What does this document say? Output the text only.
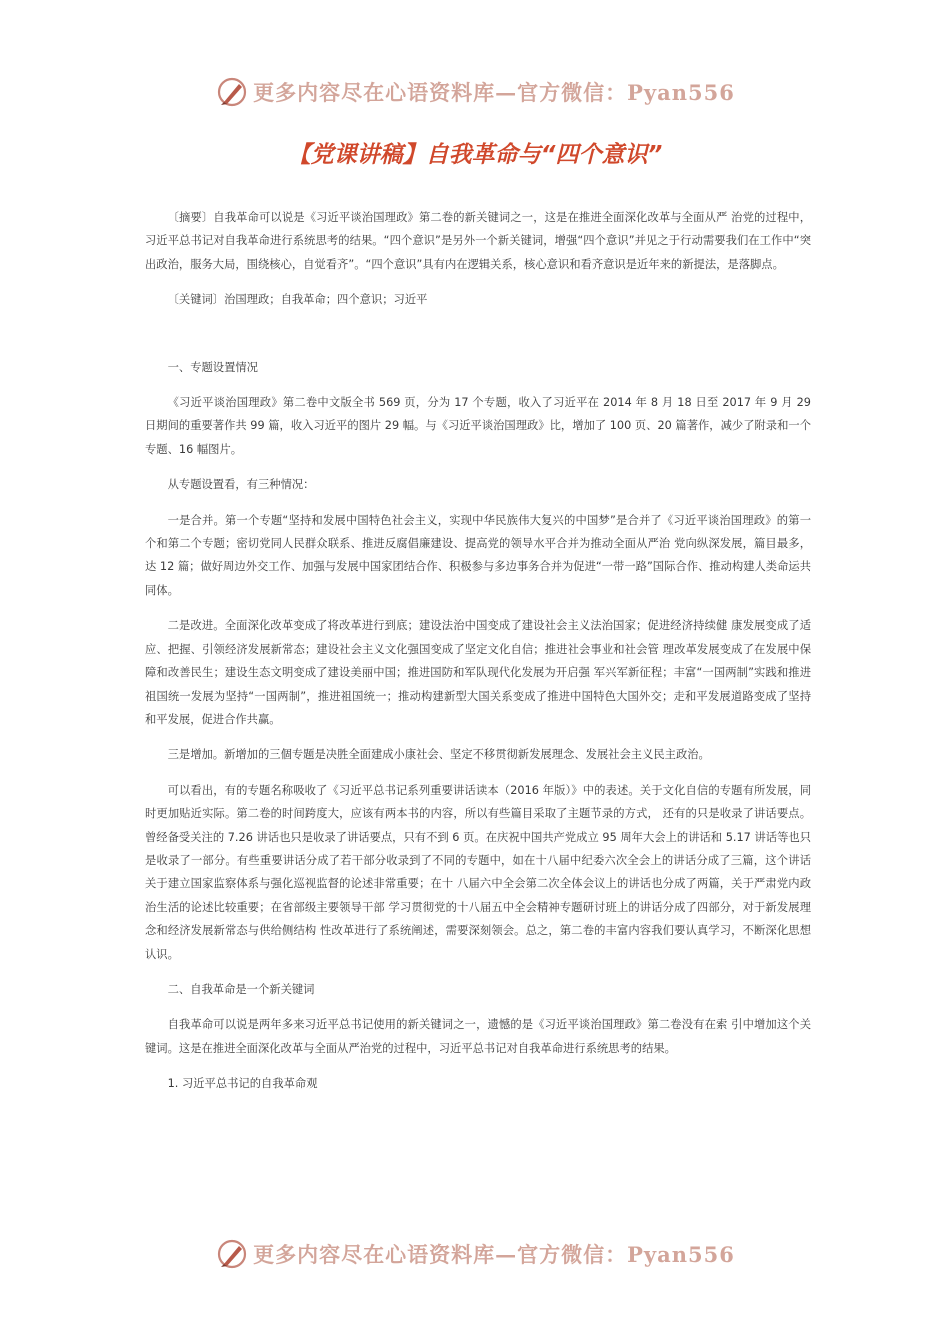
更多内容尽在心语资料库—官方微信：Pyan556
【党课讲稿】自我革命与“四个意识”

〔摘要〕自我革命可以说是《习近平谈治国理政》第二卷的新关键词之一，这是在推进全面深化改革与全面从严 治党的过程中，习近平总书记对自我革命进行系统思考的结果。“四个意识”是另外一个新关键词，增强“四个意识”并见之于行动需要我们在工作中“突出政治，服务大局，围绕核心，自觉看齐”。“四个意识”具有内在逻辑关系，核心意识和看齐意识是近年来的新提法，是落脚点。

〔关键词〕治国理政；自我革命；四个意识；习近平

一、专题设置情况

《习近平谈治国理政》第二卷中文版全书 569 页，分为 17 个专题，收入了习近平在 2014 年 8 月 18 日至 2017 年 9 月 29 日期间的重要著作共 99 篇，收入习近平的图片 29 幅。与《习近平谈治国理政》比，增加了 100 页、20 篇著作，减少了附录和一个专题、16 幅图片。

从专题设置看，有三种情况：

一是合并。第一个专题“坚持和发展中国特色社会主义，实现中华民族伟大复兴的中国梦”是合并了《习近平谈治国理政》的第一个和第二个专题；密切党同人民群众联系、推进反腐倡廉建设、提高党的领导水平合并为推动全面从严治 党向纵深发展，篇目最多，达 12 篇；做好周边外交工作、加强与发展中国家团结合作、积极参与多边事务合并为促进“一带一路”国际合作、推动构建人类命运共同体。

二是改进。全面深化改革变成了将改革进行到底；建设法治中国变成了建设社会主义法治国家；促进经济持续健 康发展变成了适应、把握、引领经济发展新常态；建设社会主义文化强国变成了坚定文化自信；推进社会事业和社会管 理改革发展变成了在发展中保障和改善民生；建设生态文明变成了建设美丽中国；推进国防和军队现代化发展为开启强 军兴军新征程；丰富“一国两制”实践和推进祖国统一发展为坚持“一国两制”，推进祖国统一；推动构建新型大国关系变成了推进中国特色大国外交；走和平发展道路变成了坚持和平发展，促进合作共赢。

三是增加。新增加的三個专题是决胜全面建成小康社会、坚定不移贯彻新发展理念、发展社会主义民主政治。

可以看出，有的专题名称吸收了《习近平总书记系列重要讲话读本（2016 年版）》中的表述。关于文化自信的专题有所发展，同时更加贴近实际。第二卷的时间跨度大，应该有两本书的内容，所以有些篇目采取了主题节录的方式， 还有的只是收录了讲话要点。曾经备受关注的 7.26 讲话也只是收录了讲话要点，只有不到 6 页。在庆祝中国共产党成立 95 周年大会上的讲话和 5.17 讲话等也只是收录了一部分。有些重要讲话分成了若干部分收录到了不同的专题中，如在十八届中纪委六次全会上的讲话分成了三篇，这个讲话关于建立国家监察体系与强化巡视监督的论述非常重要；在十 八届六中全会第二次全体会议上的讲话也分成了两篇，关于严肃党内政治生活的论述比较重要；在省部级主要领导干部 学习贯彻党的十八届五中全会精神专题研讨班上的讲话分成了四部分，对于新发展理念和经济发展新常态与供给侧结构 性改革进行了系统阐述，需要深刻领会。总之，第二卷的丰富内容我们要认真学习，不断深化思想认识。

二、自我革命是一个新关键词

自我革命可以说是两年多来习近平总书记使用的新关键词之一，遗憾的是《习近平谈治国理政》第二卷没有在索 引中增加这个关键词。这是在推进全面深化改革与全面从严治党的过程中，习近平总书记对自我革命进行系统思考的结果。

1. 习近平总书记的自我革命观

更多内容尽在心语资料库—官方微信：Pyan556
